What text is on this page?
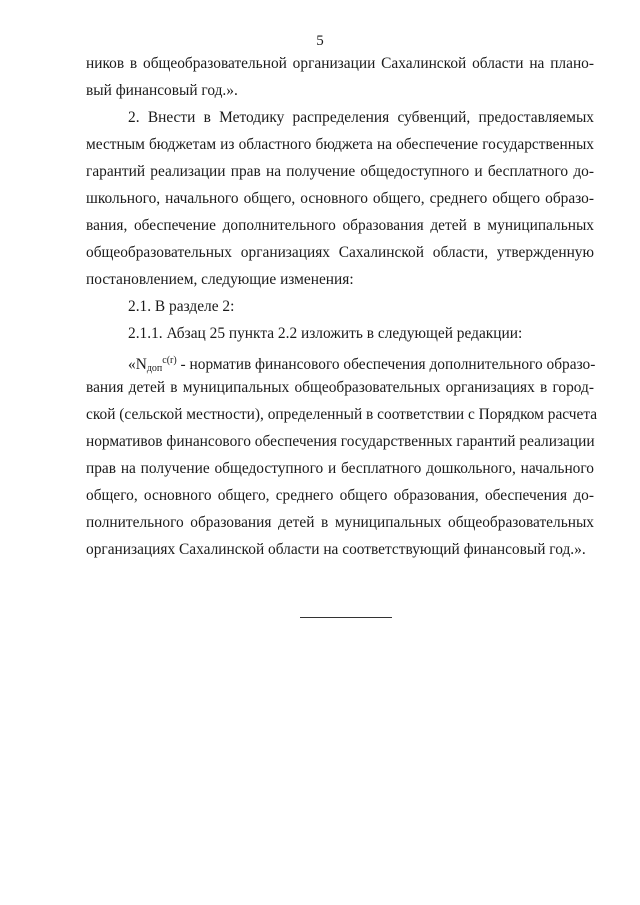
5
ников в общеобразовательной организации Сахалинской области на плано-
вый финансовый год.».
2. Внести в Методику распределения субвенций, предоставляемых
местным бюджетам из областного бюджета на обеспечение государственных
гарантий реализации прав на получение общедоступного и бесплатного до-
школьного, начального общего, основного общего, среднего общего образо-
вания, обеспечение дополнительного образования детей в муниципальных
общеобразовательных организациях Сахалинской области, утвержденную
постановлением, следующие изменения:
2.1. В разделе 2:
2.1.1. Абзац 25 пункта 2.2 изложить в следующей редакции:
«$N_{доп}^{c(r)}$ - норматив финансового обеспечения дополнительного образо-
вания детей в муниципальных общеобразовательных организациях в город-
ской (сельской местности), определенный в соответствии с Порядком расчета
нормативов финансового обеспечения государственных гарантий реализации
прав на получение общедоступного и бесплатного дошкольного, начального
общего, основного общего, среднего общего образования, обеспечения до-
полнительного образования детей в муниципальных общеобразовательных
организациях Сахалинской области на соответствующий финансовый год.».
